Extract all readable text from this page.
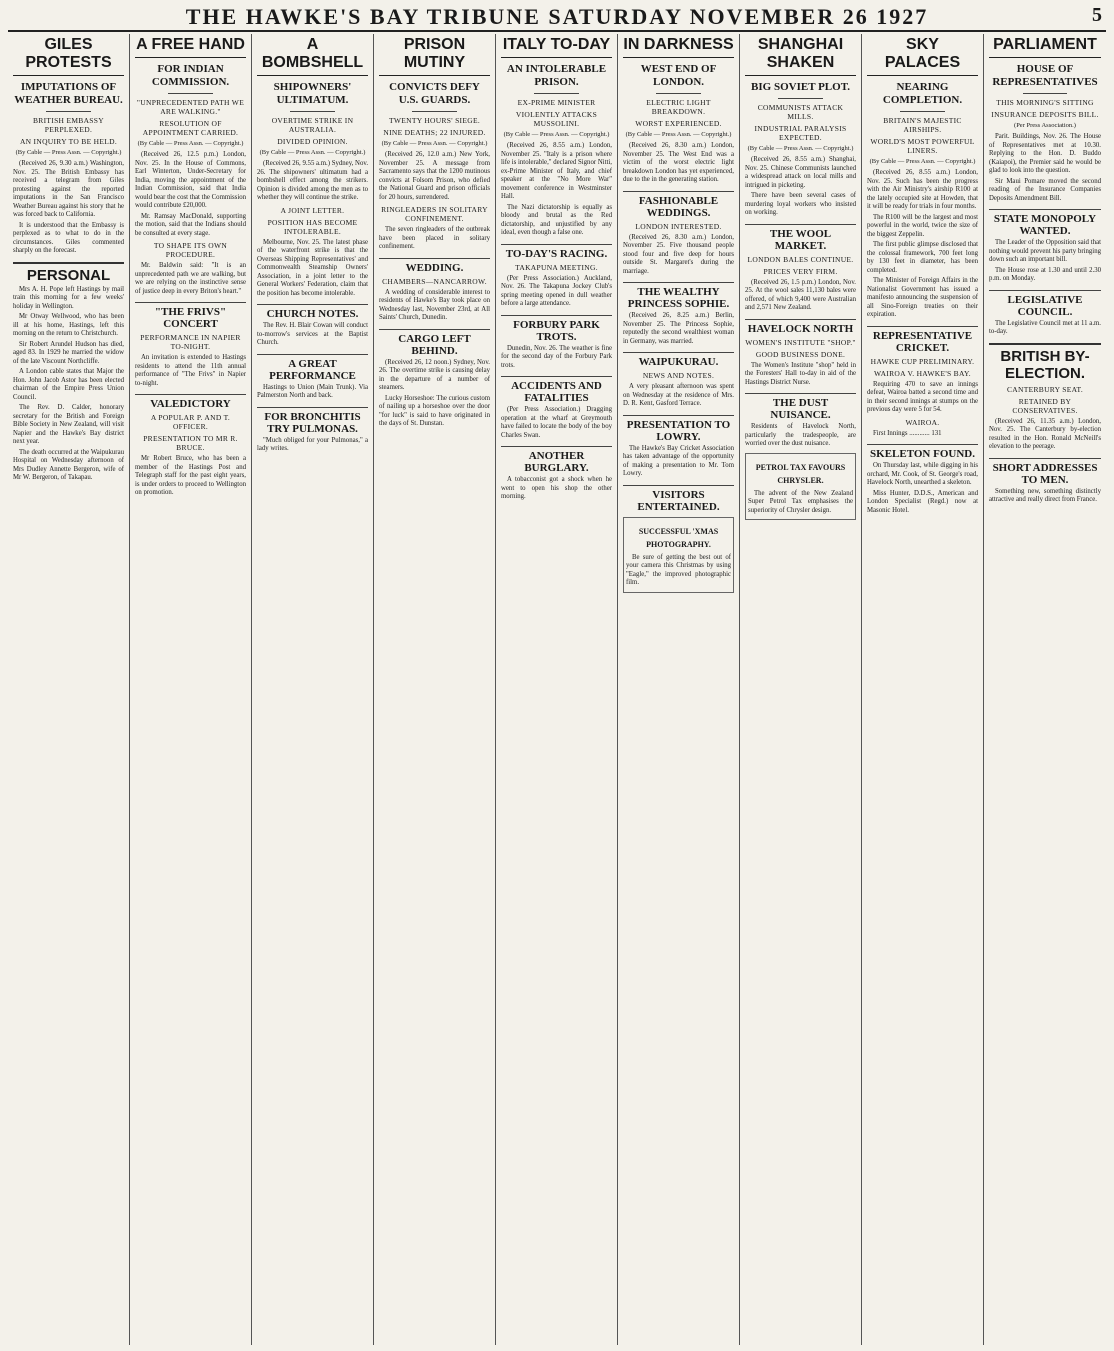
THE HAWKE'S BAY TRIBUNE SATURDAY NOVEMBER 26 1927	5
GILES PROTESTS
IMPUTATIONS OF WEATHER BUREAU.
BRITISH EMBASSY PERPLEXED.
AN INQUIRY TO BE HELD.
(By Cable — Press Assn. — Copyright.)

(Received 26, 9.30 a.m.) Washington, Nov. 25. The British Embassy has received a telegram from Giles protesting against the reported imputations in the San Francisco Weather Bureau against his story that he was forced back to California.

It is understood that the Embassy is perplexed as to what to do in the circumstances. Giles commented sharply on the forecast.

PERSONAL

Mrs A. H. Pope left Hastings by mail train this morning for a few weeks' holiday in Wellington.

Mr Otway Wellwood, who has been ill at his home, Hastings, left this morning on the return to Christchurch.

Sir Robert Arundel Hudson has died, aged 83. In 1929 he married the widow of the late Viscount Northcliffe.

A London cable states that Major the Hon. John Jacob Astor has been elected chairman of the Empire Press Union Council.

The Rev. D. Calder, honorary secretary for the British and Foreign Bible Society in New Zealand, will visit Napier and the Hawke's Bay district next year.

The death occurred at the Waipukurau Hospital on Wednesday afternoon of Mrs Dudley Annette Bergeron, wife of Mr W. Bergeron, of Takapau.

A FREE HAND
FOR INDIAN COMMISSION.
"UNPRECEDENTED PATH WE ARE WALKING."
RESOLUTION OF APPOINTMENT CARRIED.
(By Cable — Press Assn. — Copyright.)

(Received 26, 12.5 p.m.) London, Nov. 25. In the House of Commons, Earl Winterton, Under-Secretary for India, moving the appointment of the Indian Commission, said that India would bear the cost that the Commission would contribute £20,000.

Mr. Ramsay MacDonald, supporting the motion, said that the Indians should be consulted at every stage.

TO SHAPE ITS OWN PROCEDURE.

Mr. Baldwin said: "It is an unprecedented path we are walking, but we are relying on the instinctive sense of justice deep in every Briton's heart."

"THE FRIVS" CONCERT
PERFORMANCE IN NAPIER TO-NIGHT.

An invitation is extended to Hastings residents to attend the 11th annual performance of "The Frivs" in Napier to-night.

VALEDICTORY
A POPULAR P. AND T. OFFICER.
PRESENTATION TO MR R. BRUCE.

Mr Robert Bruce, who has been a member of the Hastings Post and Telegraph staff for the past eight years, is under orders to proceed to Wellington on promotion.

A BOMBSHELL
SHIPOWNERS' ULTIMATUM.
OVERTIME STRIKE IN AUSTRALIA.
DIVIDED OPINION.
(By Cable — Press Assn. — Copyright.)

(Received 26, 9.55 a.m.) Sydney, Nov. 26. The shipowners' ultimatum had a bombshell effect among the strikers. Opinion is divided among the men as to whether they will continue the strike.

A JOINT LETTER.
POSITION HAS BECOME INTOLERABLE.

Melbourne, Nov. 25. The latest phase of the waterfront strike is that the Overseas Shipping Representatives' and Commonwealth Steamship Owners' Association, in a joint letter to the General Workers' Federation, claim that the position has become intolerable.

CHURCH NOTES.

The Rev. H. Blair Cowan will conduct to-morrow's services at the Baptist Church.

A GREAT PERFORMANCE

Hastings to Union (Main Trunk). Via Palmerston North and back.

FOR BRONCHITIS TRY PULMONAS.

"Much obliged for your Pulmonas," a lady writes.

PRISON MUTINY
CONVICTS DEFY U.S. GUARDS.
TWENTY HOURS' SIEGE.
NINE DEATHS; 22 INJURED.
(By Cable — Press Assn. — Copyright.)

(Received 26, 12.0 a.m.) New York, November 25. A message from Sacramento says that the 1200 mutinous convicts at Folsom Prison, who defied the National Guard and prison officials for 20 hours, surrendered.

RINGLEADERS IN SOLITARY CONFINEMENT.

The seven ringleaders of the outbreak have been placed in solitary confinement.

WEDDING.
CHAMBERS—NANCARROW.

A wedding of considerable interest to residents of Hawke's Bay took place on Wednesday last, November 23rd, at All Saints' Church, Dunedin.

CARGO LEFT BEHIND.

(Received 26, 12 noon.) Sydney, Nov. 26. The overtime strike is causing delay in the departure of a number of steamers.

Lucky Horseshoe: The curious custom of nailing up a horseshoe over the door "for luck" is said to have originated in the days of St. Dunstan.

ITALY TO-DAY
AN INTOLERABLE PRISON.
EX-PRIME MINISTER
VIOLENTLY ATTACKS MUSSOLINI.
(By Cable — Press Assn. — Copyright.)

(Received 26, 8.55 a.m.) London, November 25. "Italy is a prison where life is intolerable," declared Signor Nitti, ex-Prime Minister of Italy, and chief speaker at the "No More War" movement conference in Westminster Hall.

The Nazi dictatorship is equally as bloody and brutal as the Red dictatorship, and unjustified by any ideal, even though a false one.

TO-DAY'S RACING.
TAKAPUNA MEETING.

(Per Press Association.) Auckland, Nov. 26. The Takapuna Jockey Club's spring meeting opened in dull weather before a large attendance.

FORBURY PARK TROTS.

Dunedin, Nov. 26. The weather is fine for the second day of the Forbury Park trots.

ACCIDENTS AND FATALITIES

(Per Press Association.) Dragging operation at the wharf at Greymouth have failed to locate the body of the boy Charles Swan.

ANOTHER BURGLARY.

A tobacconist got a shock when he went to open his shop the other morning.

IN DARKNESS
WEST END OF LONDON.
ELECTRIC LIGHT BREAKDOWN.
WORST EXPERIENCED.
(By Cable — Press Assn. — Copyright.)

(Received 26, 8.30 a.m.) London, November 25. The West End was a victim of the worst electric light breakdown London has yet experienced, due to the in the generating station.

FASHIONABLE WEDDINGS.
LONDON INTERESTED.

(Received 26, 8.30 a.m.) London, November 25. Five thousand people stood four and five deep for hours outside St. Margaret's during the marriage.

THE WEALTHY PRINCESS SOPHIE.

(Received 26, 8.25 a.m.) Berlin, November 25. The Princess Sophie, reputedly the second wealthiest woman in Germany, was married.

WAIPUKURAU.
NEWS AND NOTES.

A very pleasant afternoon was spent on Wednesday at the residence of Mrs. D. R. Kent, Gasford Terrace.

PRESENTATION TO LOWRY.

The Hawke's Bay Cricket Association has taken advantage of the opportunity of making a presentation to Mr. Tom Lowry.

VISITORS ENTERTAINED.
SUCCESSFUL 'XMAS PHOTOGRAPHY.

Be sure of getting the best out of your camera this Christmas by using "Eagle," the improved photographic film.

SHANGHAI SHAKEN
BIG SOVIET PLOT.
COMMUNISTS ATTACK MILLS.
INDUSTRIAL PARALYSIS EXPECTED.
(By Cable — Press Assn. — Copyright.)

(Received 26, 8.55 a.m.) Shanghai, Nov. 25. Chinese Communists launched a widespread attack on local mills and intrigued in picketing.

There have been several cases of murdering loyal workers who insisted on working.

THE WOOL MARKET.
LONDON BALES CONTINUE.
PRICES VERY FIRM.

(Received 26, 1.5 p.m.) London, Nov. 25. At the wool sales 11,130 bales were offered, of which 9,400 were Australian and 2,571 New Zealand.

HAVELOCK NORTH
WOMEN'S INSTITUTE "SHOP."
GOOD BUSINESS DONE.

The Women's Institute "shop" held in the Foresters' Hall to-day in aid of the Hastings District Nurse.

THE DUST NUISANCE.

Residents of Havelock North, particularly the tradespeople, are worried over the dust nuisance.

PETROL TAX FAVOURS CHRYSLER.

The advent of the New Zealand Super Petrol Tax emphasises the superiority of Chrysler design.

SKY PALACES
NEARING COMPLETION.
BRITAIN'S MAJESTIC AIRSHIPS.
WORLD'S MOST POWERFUL LINERS.
(By Cable — Press Assn. — Copyright.)

(Received 26, 8.55 a.m.) London, Nov. 25. Such has been the progress with the Air Ministry's airship R100 at the lately occupied site at Howden, that it will be ready for trials in four months.

The R100 will be the largest and most powerful in the world, twice the size of the biggest Zeppelin.

The first public glimpse disclosed that the colossal framework, 700 feet long by 130 feet in diameter, has been completed.

The Minister of Foreign Affairs in the Nationalist Government has issued a manifesto announcing the suspension of all Sino-Foreign treaties on their expiration.

REPRESENTATIVE CRICKET.
HAWKE CUP PRELIMINARY.
WAIROA V. HAWKE'S BAY.

Requiring 470 to save an innings defeat, Wairoa batted a second time and in their second innings at stumps on the previous day were 5 for 54.

WAIROA.

First Innings ............ 131

SKELETON FOUND.

On Thursday last, while digging in his orchard, Mr. Cook, of St. George's road, Havelock North, unearthed a skeleton.

Miss Hunter, D.D.S., American and London Specialist (Regd.) now at Masonic Hotel.

PARLIAMENT
HOUSE OF REPRESENTATIVES
THIS MORNING'S SITTING
INSURANCE DEPOSITS BILL.
(Per Press Association.)

Parit. Buildings, Nov. 26. The House of Representatives met at 10.30. Replying to the Hon. D. Buddo (Kaiapoi), the Premier said he would be glad to look into the question.

Sir Maui Pomare moved the second reading of the Insurance Companies Deposits Amendment Bill.

STATE MONOPOLY WANTED.

The Leader of the Opposition said that nothing would prevent his party bringing down such an important bill.

The House rose at 1.30 and until 2.30 p.m. on Monday.

LEGISLATIVE COUNCIL.

The Legislative Council met at 11 a.m. to-day.

BRITISH BY-ELECTION.
CANTERBURY SEAT.
RETAINED BY CONSERVATIVES.

(Received 26, 11.35 a.m.) London, Nov. 25. The Canterbury by-election resulted in the Hon. Ronald McNeill's elevation to the peerage.

SHORT ADDRESSES TO MEN.

Something new, something distinctly attractive and really direct from France.
